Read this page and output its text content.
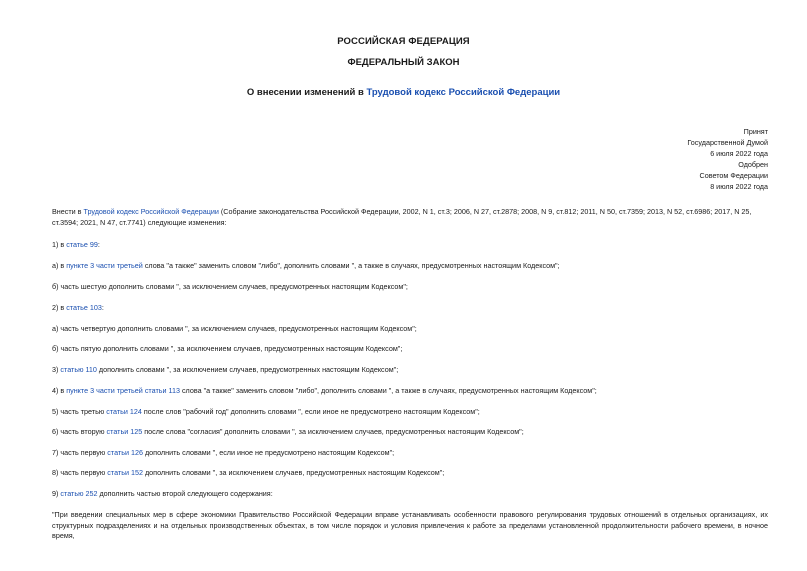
РОССИЙСКАЯ ФЕДЕРАЦИЯ
ФЕДЕРАЛЬНЫЙ ЗАКОН
О внесении изменений в Трудовой кодекс Российской Федерации
Принят
Государственной Думой
6 июля 2022 года
Одобрен
Советом Федерации
8 июля 2022 года
Внести в Трудовой кодекс Российской Федерации (Собрание законодательства Российской Федерации, 2002, N 1, ст.3; 2006, N 27, ст.2878; 2008, N 9, ст.812; 2011, N 50, ст.7359; 2013, N 52, ст.6986; 2017, N 25, ст.3594; 2021, N 47, ст.7741) следующие изменения:
1) в статье 99:
а) в пункте 3 части третьей слова "а также" заменить словом "либо", дополнить словами ", а также в случаях, предусмотренных настоящим Кодексом";
б) часть шестую дополнить словами ", за исключением случаев, предусмотренных настоящим Кодексом";
2) в статье 103:
а) часть четвертую дополнить словами ", за исключением случаев, предусмотренных настоящим Кодексом";
б) часть пятую дополнить словами ", за исключением случаев, предусмотренных настоящим Кодексом";
3) статью 110 дополнить словами ", за исключением случаев, предусмотренных настоящим Кодексом";
4) в пункте 3 части третьей статьи 113 слова "а также" заменить словом "либо", дополнить словами ", а также в случаях, предусмотренных настоящим Кодексом";
5) часть третью статьи 124 после слов "рабочий год" дополнить словами ", если иное не предусмотрено настоящим Кодексом";
6) часть вторую статьи 125 после слова "согласия" дополнить словами ", за исключением случаев, предусмотренных настоящим Кодексом";
7) часть первую статьи 126 дополнить словами ", если иное не предусмотрено настоящим Кодексом";
8) часть первую статьи 152 дополнить словами ", за исключением случаев, предусмотренных настоящим Кодексом";
9) статью 252 дополнить частью второй следующего содержания:
"При введении специальных мер в сфере экономики Правительство Российской Федерации вправе устанавливать особенности правового регулирования трудовых отношений в отдельных организациях, их структурных подразделениях и на отдельных производственных объектах, в том числе порядок и условия привлечения к работе за пределами установленной продолжительности рабочего времени, в ночное время,
